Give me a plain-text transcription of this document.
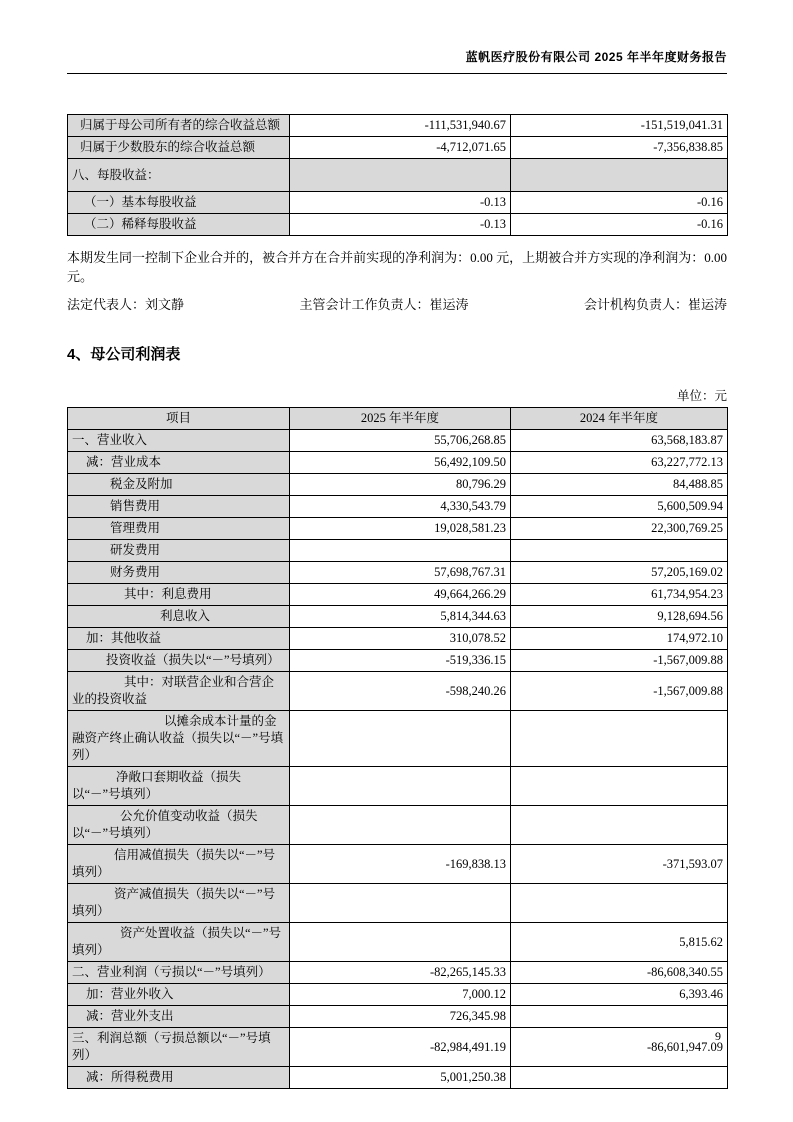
蓝帆医疗股份有限公司 2025 年半年度财务报告
归属于母公司所有者的综合收益总额	-111,531,940.67	-151,519,041.31
归属于少数股东的综合收益总额	-4,712,071.65	-7,356,838.85
八、每股收益：		
（一）基本每股收益	-0.13	-0.16
（二）稀释每股收益	-0.13	-0.16

本期发生同一控制下企业合并的，被合并方在合并前实现的净利润为：0.00 元，上期被合并方实现的净利润为：0.00 元。

法定代表人：刘文静	主管会计工作负责人：崔运涛	会计机构负责人：崔运涛
4、母公司利润表
单位：元
项目	2025 年半年度	2024 年半年度
一、营业收入	55,706,268.85	63,568,183.87
减：营业成本	56,492,109.50	63,227,772.13
税金及附加	80,796.29	84,488.85
销售费用	4,330,543.79	5,600,509.94
管理费用	19,028,581.23	22,300,769.25
研发费用		
财务费用	57,698,767.31	57,205,169.02
其中：利息费用	49,664,266.29	61,734,954.23
利息收入	5,814,344.63	9,128,694.56
加：其他收益	310,078.52	174,972.10
投资收益（损失以“－”号填列）	-519,336.15	-1,567,009.88
其中：对联营企业和合营企业的投资收益	-598,240.26	-1,567,009.88
以摊余成本计量的金融资产终止确认收益（损失以“－”号填列）		
净敞口套期收益（损失以“－”号填列）		
公允价值变动收益（损失以“－”号填列）		
信用减值损失（损失以“－”号填列）	-169,838.13	-371,593.07
资产减值损失（损失以“－”号填列）		
资产处置收益（损失以“－”号填列）		5,815.62
二、营业利润（亏损以“－”号填列）	-82,265,145.33	-86,608,340.55
加：营业外收入	7,000.12	6,393.46
减：营业外支出	726,345.98	
三、利润总额（亏损总额以“－”号填列）	-82,984,491.19	-86,601,947.09
减：所得税费用	5,001,250.38	
9
